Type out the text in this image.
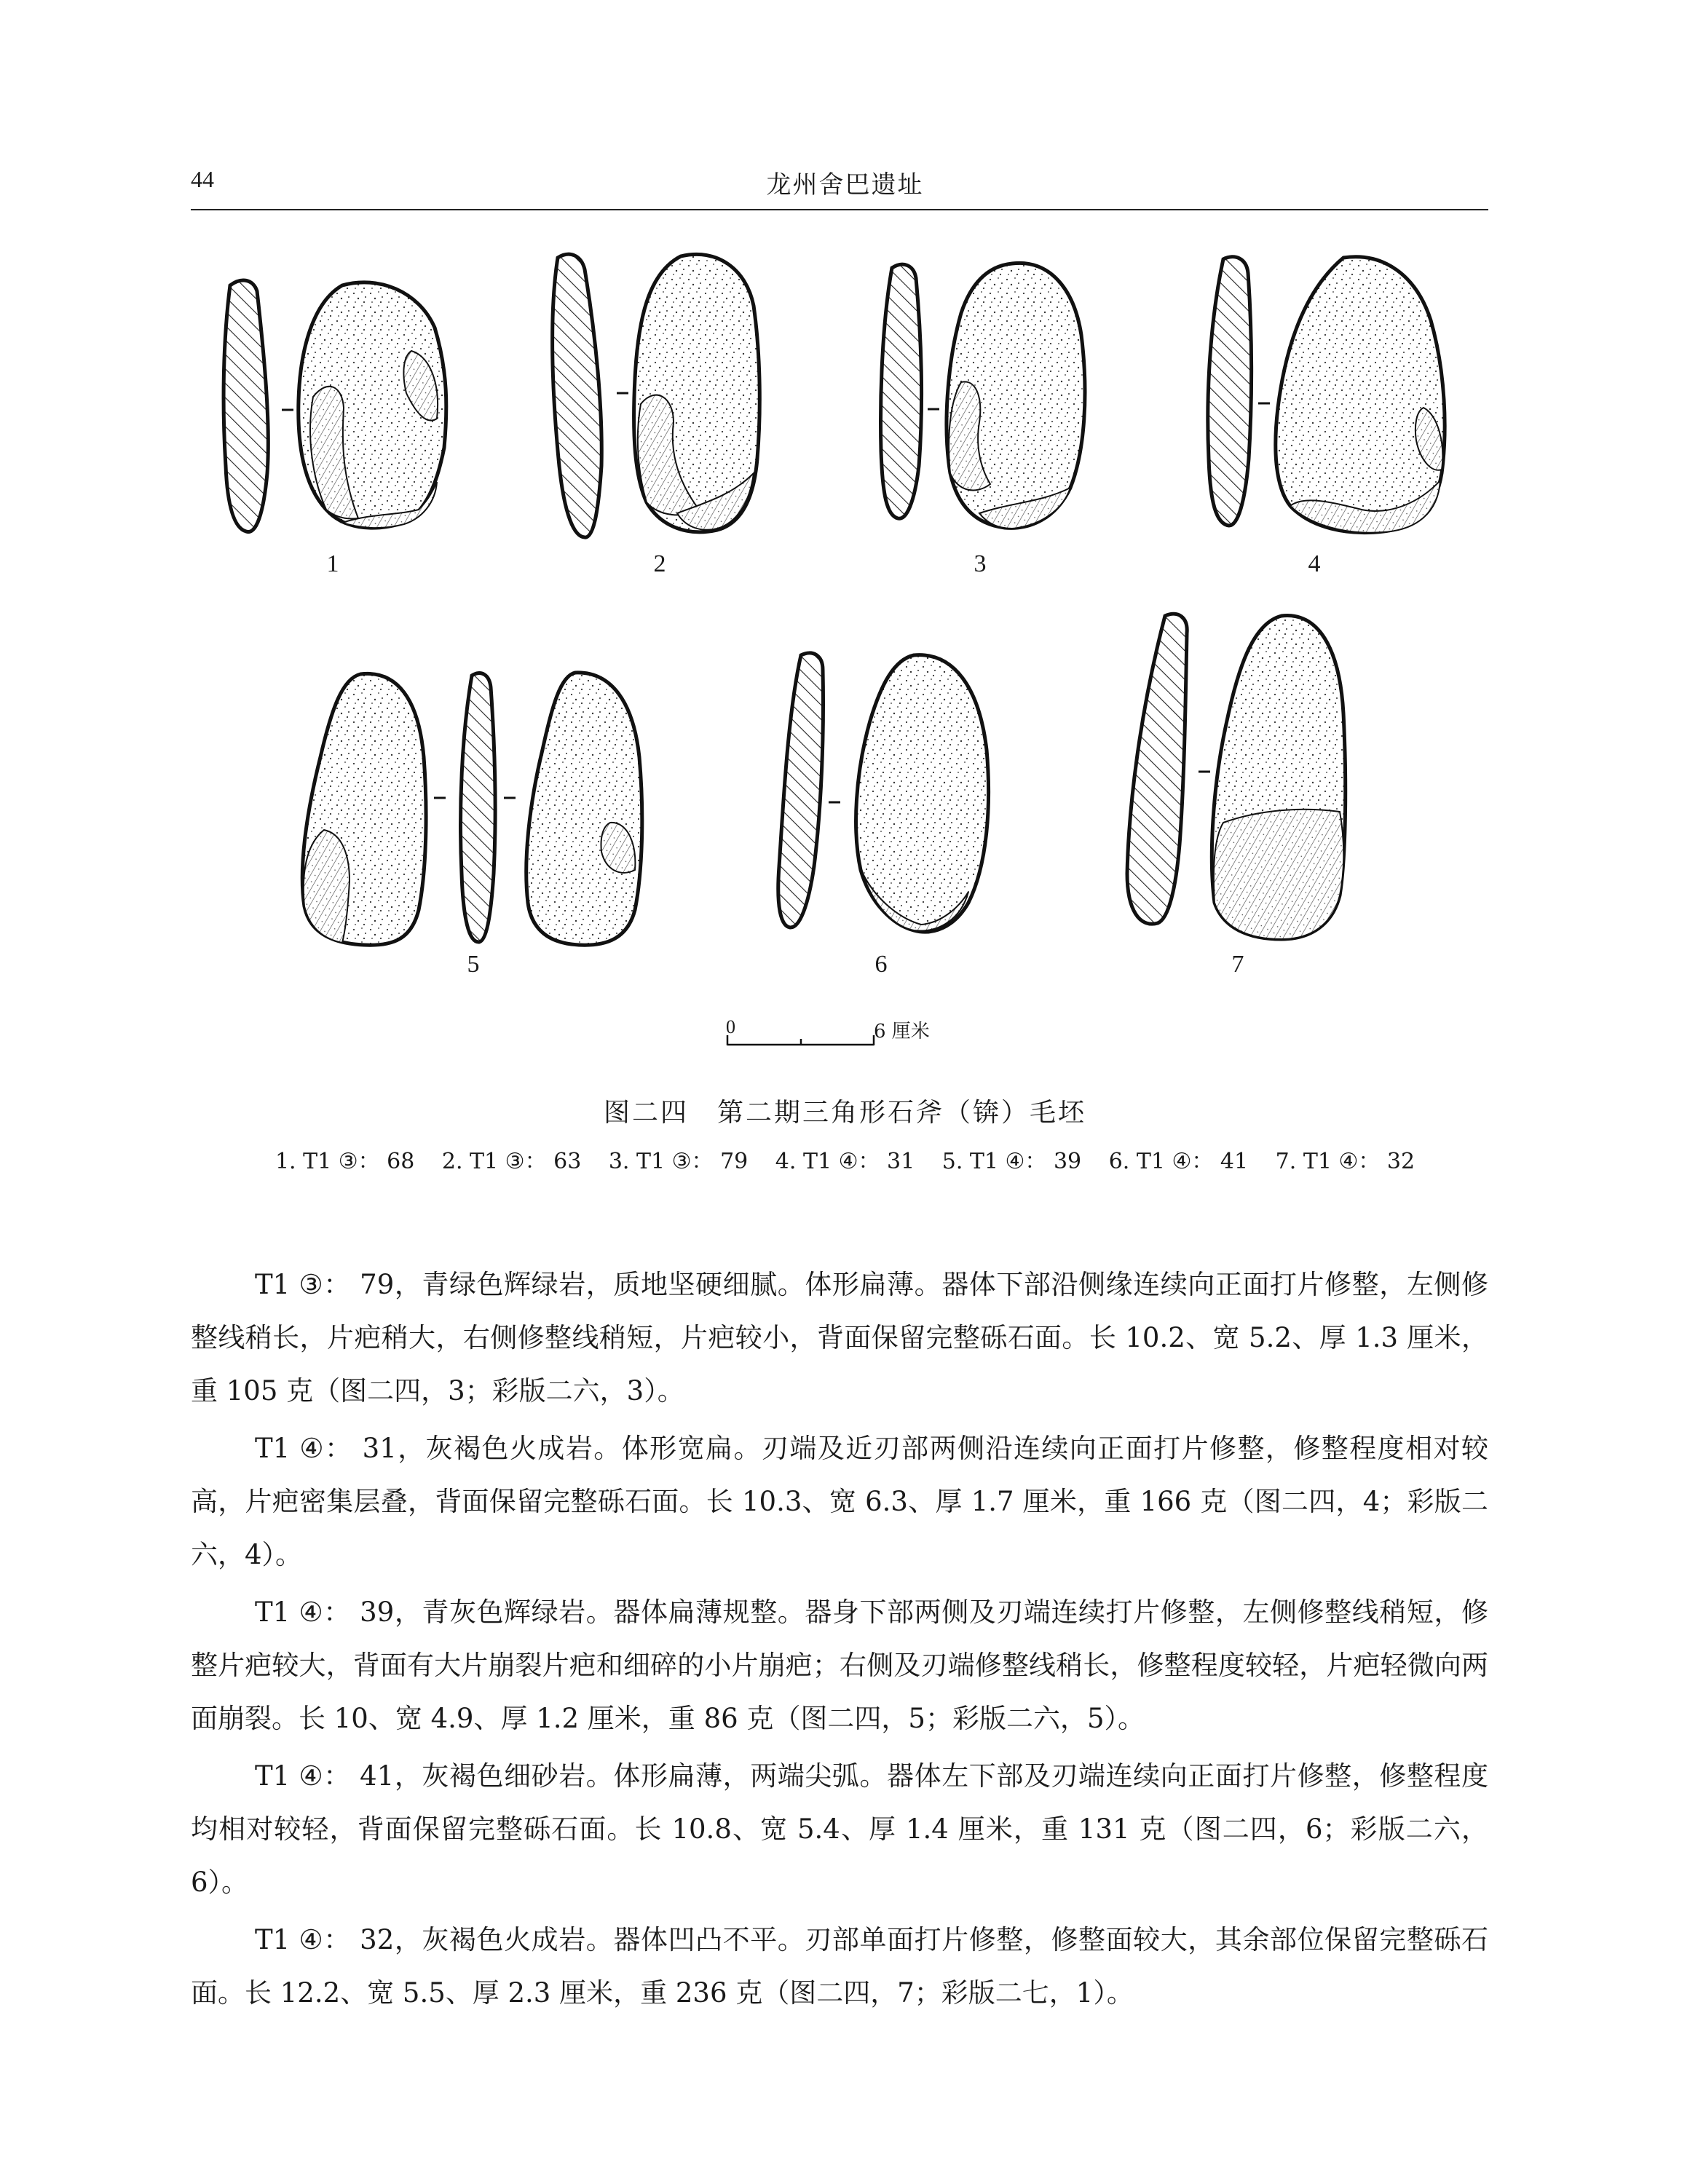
44	龙州舍巴遗址
1	2	3	4
5	6	7
0	6 厘米
图二四　第二期三角形石斧（锛）毛坯
1. T1 ③： 68 2. T1 ③： 63 3. T1 ③： 79 4. T1 ④： 31 5. T1 ④： 39 6. T1 ④： 41 7. T1 ④： 32

T1 ③： 79，青绿色辉绿岩，质地坚硬细腻。体形扁薄。器体下部沿侧缘连续向正面打片修整，左侧修整线稍长，片疤稍大，右侧修整线稍短，片疤较小，背面保留完整砾石面。长 10.2、宽 5.2、厚 1.3 厘米，重 105 克（图二四，3；彩版二六，3）。

T1 ④： 31，灰褐色火成岩。体形宽扁。刃端及近刃部两侧沿连续向正面打片修整，修整程度相对较高，片疤密集层叠，背面保留完整砾石面。长 10.3、宽 6.3、厚 1.7 厘米，重 166 克（图二四，4；彩版二六，4）。

T1 ④： 39，青灰色辉绿岩。器体扁薄规整。器身下部两侧及刃端连续打片修整，左侧修整线稍短，修整片疤较大，背面有大片崩裂片疤和细碎的小片崩疤；右侧及刃端修整线稍长，修整程度较轻，片疤轻微向两面崩裂。长 10、宽 4.9、厚 1.2 厘米，重 86 克（图二四，5；彩版二六，5）。

T1 ④： 41，灰褐色细砂岩。体形扁薄，两端尖弧。器体左下部及刃端连续向正面打片修整，修整程度均相对较轻，背面保留完整砾石面。长 10.8、宽 5.4、厚 1.4 厘米，重 131 克（图二四，6；彩版二六，6）。

T1 ④： 32，灰褐色火成岩。器体凹凸不平。刃部单面打片修整，修整面较大，其余部位保留完整砾石面。长 12.2、宽 5.5、厚 2.3 厘米，重 236 克（图二四，7；彩版二七，1）。
